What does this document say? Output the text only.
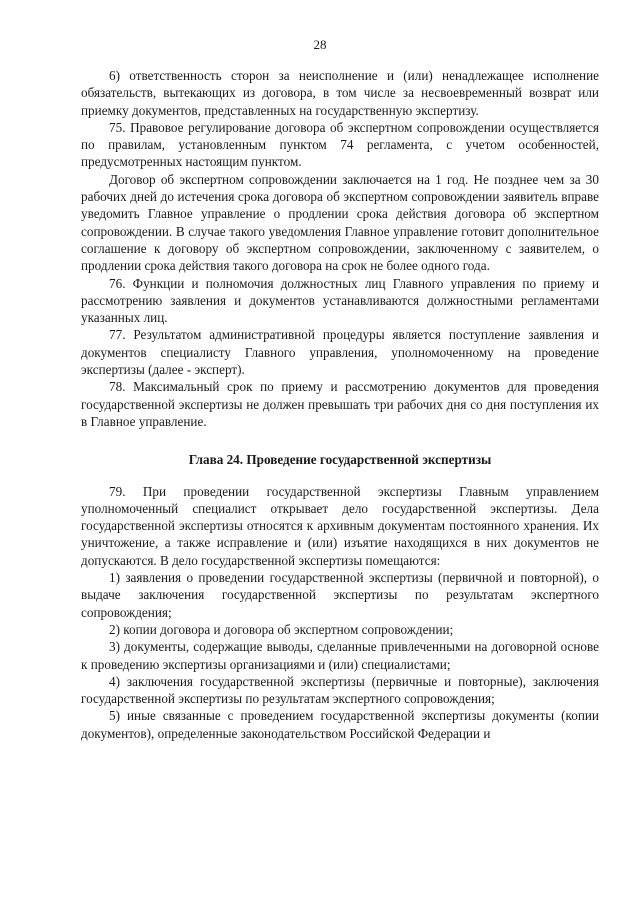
28

6) ответственность сторон за неисполнение и (или) ненадлежащее исполнение обязательств, вытекающих из договора, в том числе за несвоевременный возврат или приемку документов, представленных на государственную экспертизу.

75. Правовое регулирование договора об экспертном сопровождении осуществляется по правилам, установленным пунктом 74 регламента, с учетом особенностей, предусмотренных настоящим пунктом.

Договор об экспертном сопровождении заключается на 1 год. Не позднее чем за 30 рабочих дней до истечения срока договора об экспертном сопровождении заявитель вправе уведомить Главное управление о продлении срока действия договора об экспертном сопровождении. В случае такого уведомления Главное управление готовит дополнительное соглашение к договору об экспертном сопровождении, заключенному с заявителем, о продлении срока действия такого договора на срок не более одного года.

76. Функции и полномочия должностных лиц Главного управления по приему и рассмотрению заявления и документов устанавливаются должностными регламентами указанных лиц.

77. Результатом административной процедуры является поступление заявления и документов специалисту Главного управления, уполномоченному на проведение экспертизы (далее - эксперт).

78. Максимальный срок по приему и рассмотрению документов для проведения государственной экспертизы не должен превышать три рабочих дня со дня поступления их в Главное управление.

Глава 24. Проведение государственной экспертизы

79. При проведении государственной экспертизы Главным управлением уполномоченный специалист открывает дело государственной экспертизы. Дела государственной экспертизы относятся к архивным документам постоянного хранения. Их уничтожение, а также исправление и (или) изъятие находящихся в них документов не допускаются. В дело государственной экспертизы помещаются:

1) заявления о проведении государственной экспертизы (первичной и повторной), о выдаче заключения государственной экспертизы по результатам экспертного сопровождения;

2) копии договора и договора об экспертном сопровождении;

3) документы, содержащие выводы, сделанные привлеченными на договорной основе к проведению экспертизы организациями и (или) специалистами;

4) заключения государственной экспертизы (первичные и повторные), заключения государственной экспертизы по результатам экспертного сопровождения;

5) иные связанные с проведением государственной экспертизы документы (копии документов), определенные законодательством Российской Федерации и
